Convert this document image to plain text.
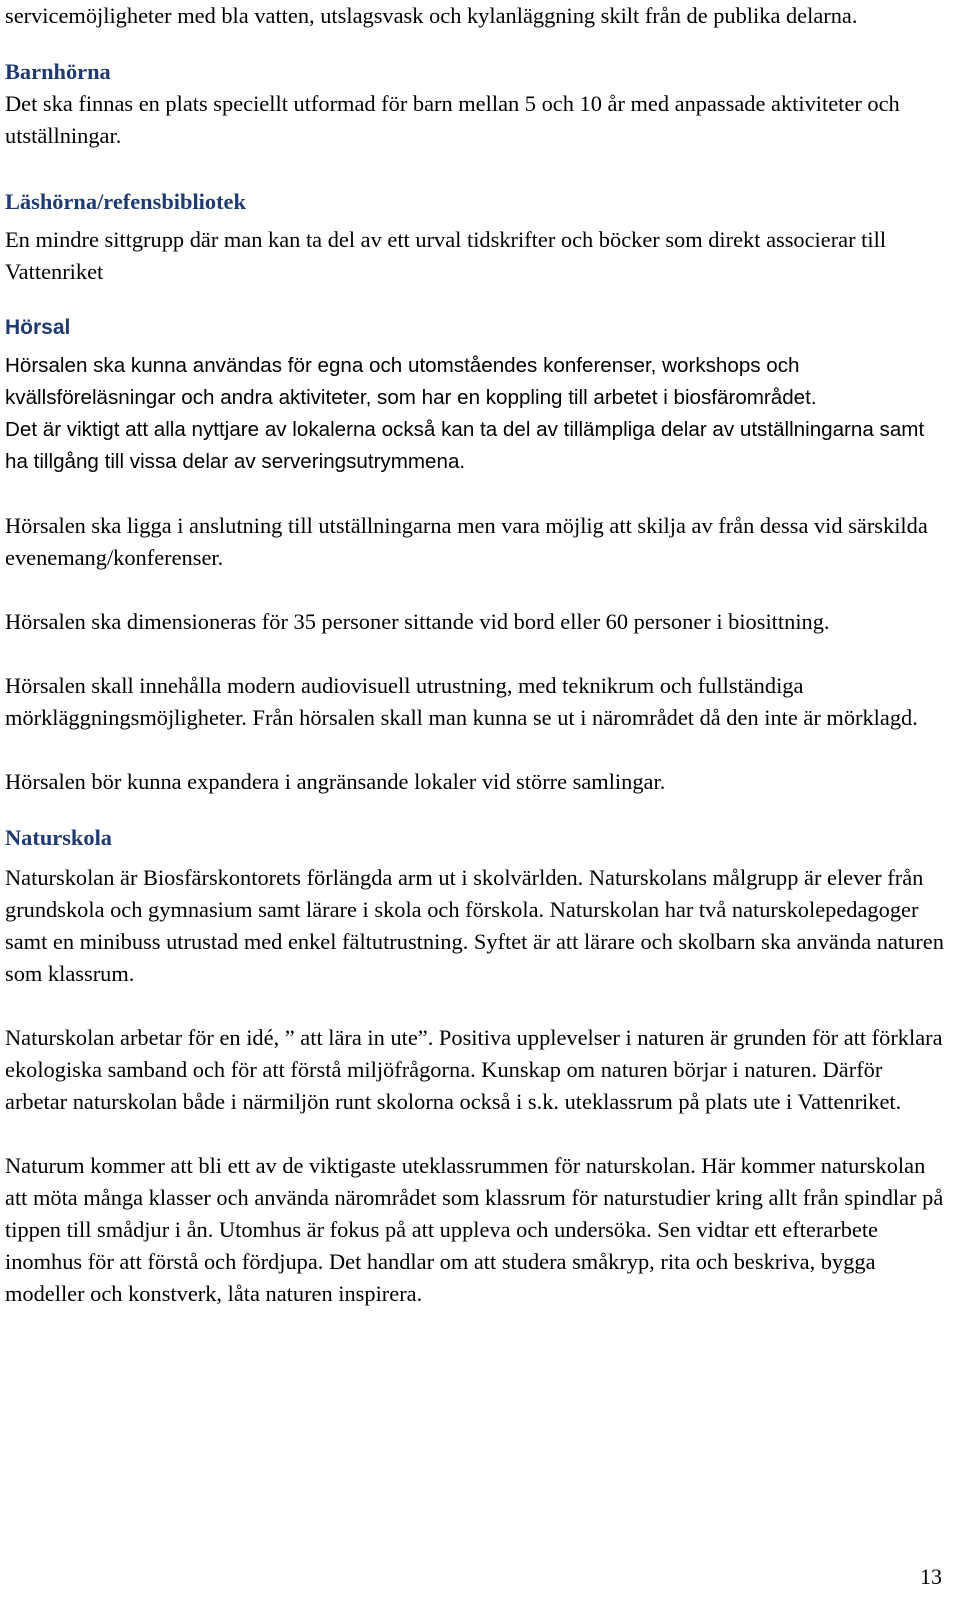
servicemöjligheter med bla vatten, utslagsvask och kylanläggning skilt från de publika delarna.

Barnhörna

Det ska finnas en plats speciellt utformad för barn mellan 5 och 10 år med anpassade aktiviteter och utställningar.

Läshörna/refensbibliotek

En mindre sittgrupp där man kan ta del av ett urval tidskrifter och böcker som direkt associerar till Vattenriket

Hörsal

Hörsalen ska kunna användas för egna och utomståendes konferenser, workshops och kvällsföreläsningar och andra aktiviteter, som har en koppling till arbetet i biosfärområdet.

Det är viktigt att alla nyttjare av lokalerna också kan ta del av tillämpliga delar av utställningarna samt ha tillgång till vissa delar av serveringsutrymmena.

Hörsalen ska ligga i anslutning till utställningarna men vara möjlig att skilja av från dessa vid särskilda evenemang/konferenser.

Hörsalen ska dimensioneras för 35 personer sittande vid bord eller 60 personer i biosittning.

Hörsalen skall innehålla modern audiovisuell utrustning, med teknikrum och fullständiga mörkläggningsmöjligheter. Från hörsalen skall man kunna se ut i närområdet då den inte är mörklagd.

Hörsalen bör kunna expandera i angränsande lokaler vid större samlingar.

Naturskola

Naturskolan är Biosfärskontorets förlängda arm ut i skolvärlden. Naturskolans målgrupp är elever från grundskola och gymnasium samt lärare i skola och förskola. Naturskolan har två naturskolepedagoger samt en minibuss utrustad med enkel fältutrustning. Syftet är att lärare och skolbarn ska använda naturen som klassrum.

Naturskolan arbetar för en idé, ” att lära in ute”. Positiva upplevelser i naturen är grunden för att förklara ekologiska samband och för att förstå miljöfrågorna. Kunskap om naturen börjar i naturen. Därför arbetar naturskolan både i närmiljön runt skolorna också i s.k. uteklassrum på plats ute i Vattenriket.

Naturum kommer att bli ett av de viktigaste uteklassrummen för naturskolan. Här kommer naturskolan att möta många klasser och använda närområdet som klassrum för naturstudier kring allt från spindlar på tippen till smådjur i ån. Utomhus är fokus på att uppleva och undersöka. Sen vidtar ett efterarbete inomhus för att förstå och fördjupa. Det handlar om att studera småkryp, rita och beskriva, bygga modeller och konstverk, låta naturen inspirera.

13
